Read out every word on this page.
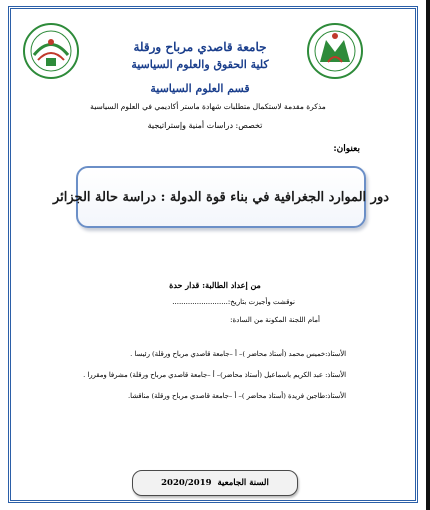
جامعة قاصدي مرباح ورقلة
كلية الحقوق والعلوم السياسية
قسم العلوم السياسية
مذكرة مقدمة لاستكمال متطلبات شهادة ماستر أكاديمي في العلوم السياسية
تخصص: دراسات أمنية وإستراتيجية
بعنوان:
دور الموارد الجغرافية في بناء قوة الدولة : دراسة حالة الجزائر
من إعداد الطالبة: قدار حدة
نوقشت وأجيزت بتاريخ:.........................
أمام اللجنة المكونة من السادة:
الأستاذ:خميس محمد (أستاذ محاضر )– أ –جامعة قاصدي مرباح ورقلة) رئيسا .
الأستاذ: عبد الكريم باسماعيل (أستاذ محاضر)– أ –جامعة قاصدي مرباح ورقلة) مشرفا ومقررا .
الأستاذ:طاجين فريدة (أستاذ محاضر )– أ –جامعة قاصدي مرباح ورقلة) مناقشا.
السنة الجامعية

2020/2019
